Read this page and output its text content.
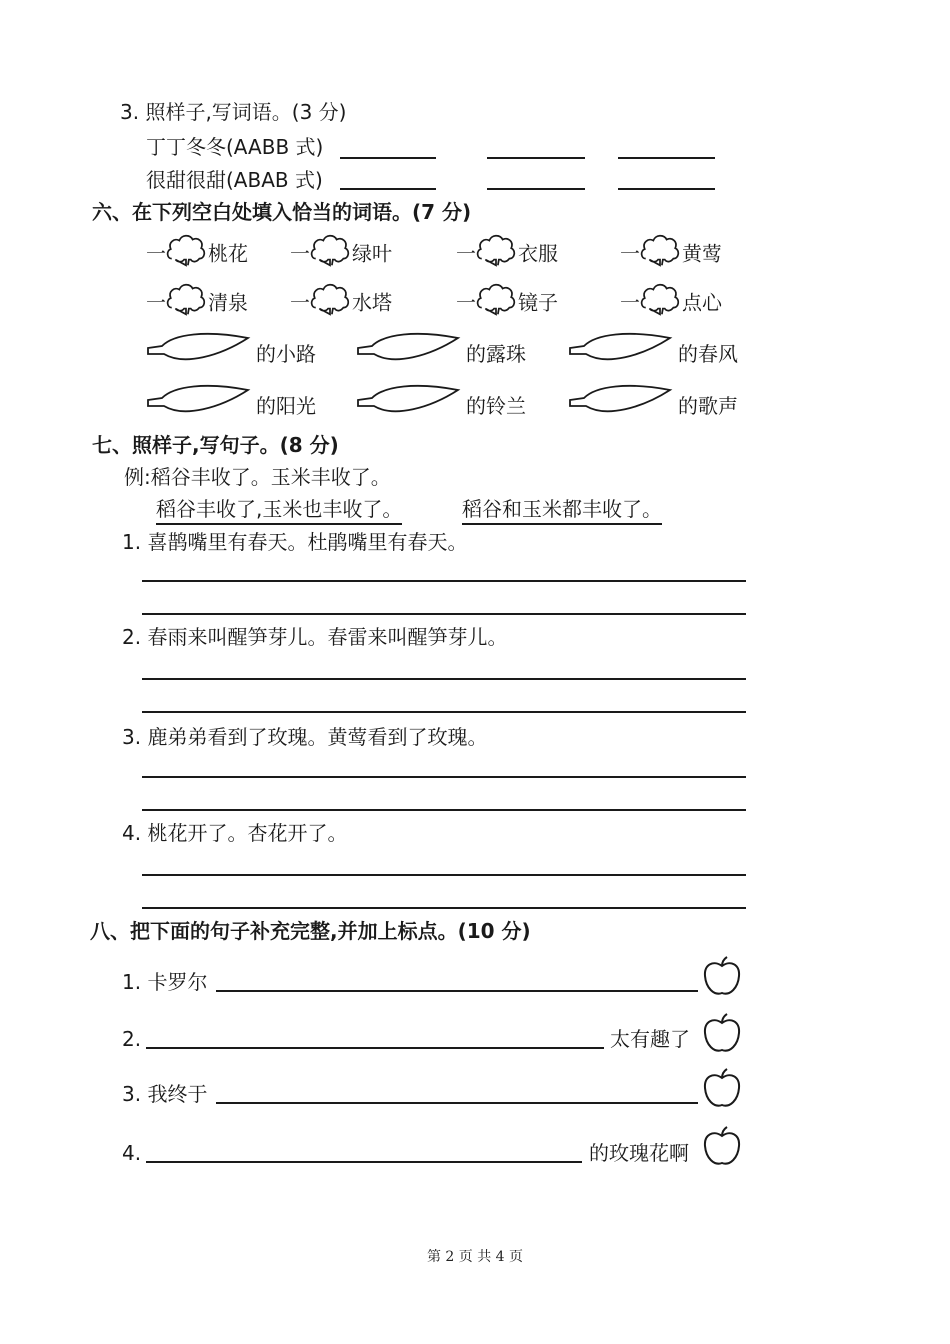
3. 照样子,写词语。(3 分)
丁丁冬冬(AABB 式)
很甜很甜(ABAB 式)
六、在下列空白处填入恰当的词语。(7 分)
一 桃花 一 绿叶	一 衣服	一 黄莺
一 清泉 一 水塔	一 镜子	一 点心
的小路	的露珠	的春风
的阳光	的铃兰	的歌声
七、照样子,写句子。(8 分)
例:稻谷丰收了。玉米丰收了。
稻谷丰收了,玉米也丰收了。	稻谷和玉米都丰收了。
1. 喜鹊嘴里有春天。杜鹃嘴里有春天。
2. 春雨来叫醒笋芽儿。春雷来叫醒笋芽儿。
3. 鹿弟弟看到了玫瑰。黄莺看到了玫瑰。
4. 桃花开了。杏花开了。
八、把下面的句子补充完整,并加上标点。(10 分)
1. 卡罗尔
2.	太有趣了
3. 我终于
4.	的玫瑰花啊
第 2 页 共 4 页
